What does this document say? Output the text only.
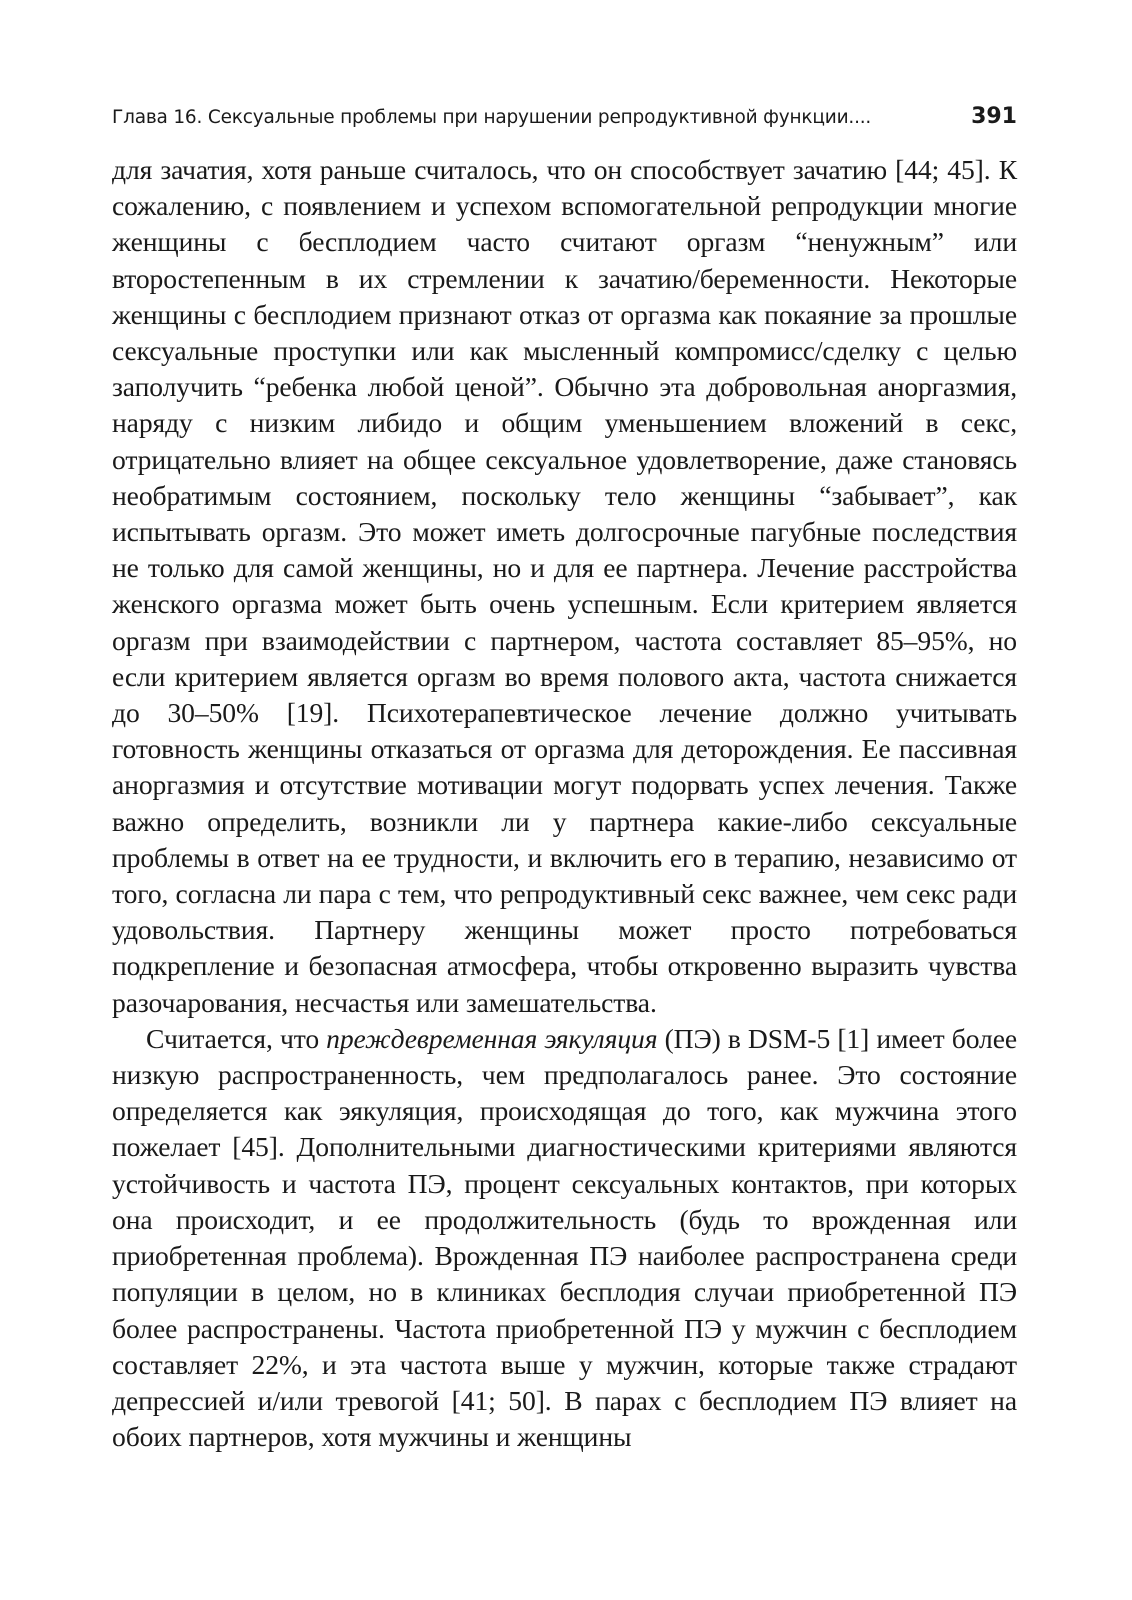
Глава 16. Сексуальные проблемы при нарушении репродуктивной функции....	391

для зачатия, хотя раньше считалось, что он способствует зачатию [44; 45]. К сожалению, с появлением и успехом вспомогательной репродукции многие женщины с бесплодием часто считают оргазм “ненужным” или второстепенным в их стремлении к зачатию/беременности. Некоторые женщины с бесплодием признают отказ от оргазма как покаяние за прошлые сексуальные проступки или как мысленный компромисс/сделку с целью заполучить “ребенка любой ценой”. Обычно эта добровольная аноргазмия, наряду с низким либидо и общим уменьшением вложений в секс, отрицательно влияет на общее сексуальное удовлетворение, даже становясь необратимым состоянием, поскольку тело женщины “забывает”, как испытывать оргазм. Это может иметь долгосрочные пагубные последствия не только для самой женщины, но и для ее партнера. Лечение расстройства женского оргазма может быть очень успешным. Если критерием является оргазм при взаимодействии с партнером, частота составляет 85–95%, но если критерием является оргазм во время полового акта, частота снижается до 30–50% [19]. Психотерапевтическое лечение должно учитывать готовность женщины отказаться от оргазма для деторождения. Ее пассивная аноргазмия и отсутствие мотивации могут подорвать успех лечения. Также важно определить, возникли ли у партнера какие-либо сексуальные проблемы в ответ на ее трудности, и включить его в терапию, независимо от того, согласна ли пара с тем, что репродуктивный секс важнее, чем секс ради удовольствия. Партнеру женщины может просто потребоваться подкрепление и безопасная атмосфера, чтобы откровенно выразить чувства разочарования, несчастья или замешательства.

Считается, что преждевременная эякуляция (ПЭ) в DSM-5 [1] имеет более низкую распространенность, чем предполагалось ранее. Это состояние определяется как эякуляция, происходящая до того, как мужчина этого пожелает [45]. Дополнительными диагностическими критериями являются устойчивость и частота ПЭ, процент сексуальных контактов, при которых она происходит, и ее продолжительность (будь то врожденная или приобретенная проблема). Врожденная ПЭ наиболее распространена среди популяции в целом, но в клиниках бесплодия случаи приобретенной ПЭ более распространены. Частота приобретенной ПЭ у мужчин с бесплодием составляет 22%, и эта частота выше у мужчин, которые также страдают депрессией и/или тревогой [41; 50]. В парах с бесплодием ПЭ влияет на обоих партнеров, хотя мужчины и женщины
